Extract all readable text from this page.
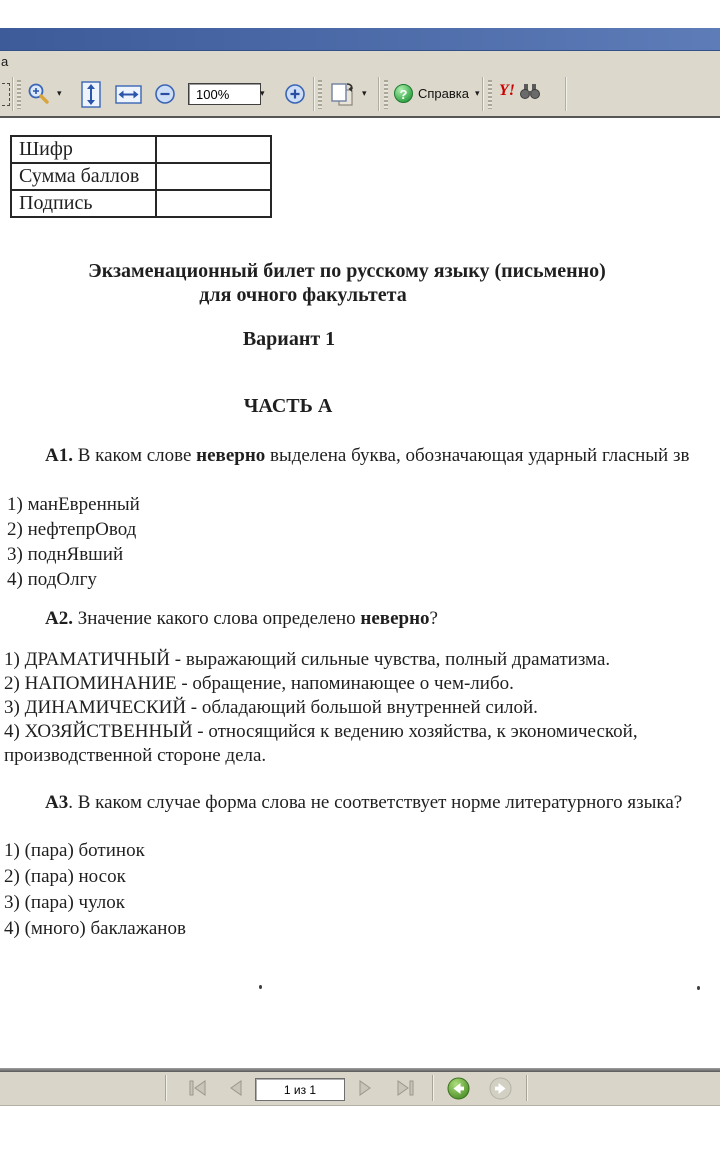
a
▾	100%	▾	▾	? Справка ▾ Y!
Шифр	
Сумма баллов	
Подпись	
Экзаменационный билет по русскому языку (письменно)
для очного факультета
Вариант 1
ЧАСТЬ А
А1. В каком слове неверно выделена буква, обозначающая ударный гласный зв
1) манЕвренный
2) нефтепрОвод
3) поднЯвший
4) подОлгу
А2. Значение какого слова определено неверно?
1) ДРАМАТИЧНЫЙ - выражающий сильные чувства, полный драматизма.
2) НАПОМИНАНИЕ - обращение, напоминающее о чем-либо.
3) ДИНАМИЧЕСКИЙ - обладающий большой внутренней силой.
4) ХОЗЯЙСТВЕННЫЙ - относящийся к ведению хозяйства, к экономической, производственной стороне дела.
А3. В каком случае форма слова не соответствует норме литературного языка?
1) (пара) ботинок
2) (пара) носок
3) (пара) чулок
4) (много) баклажанов
1 из 1
